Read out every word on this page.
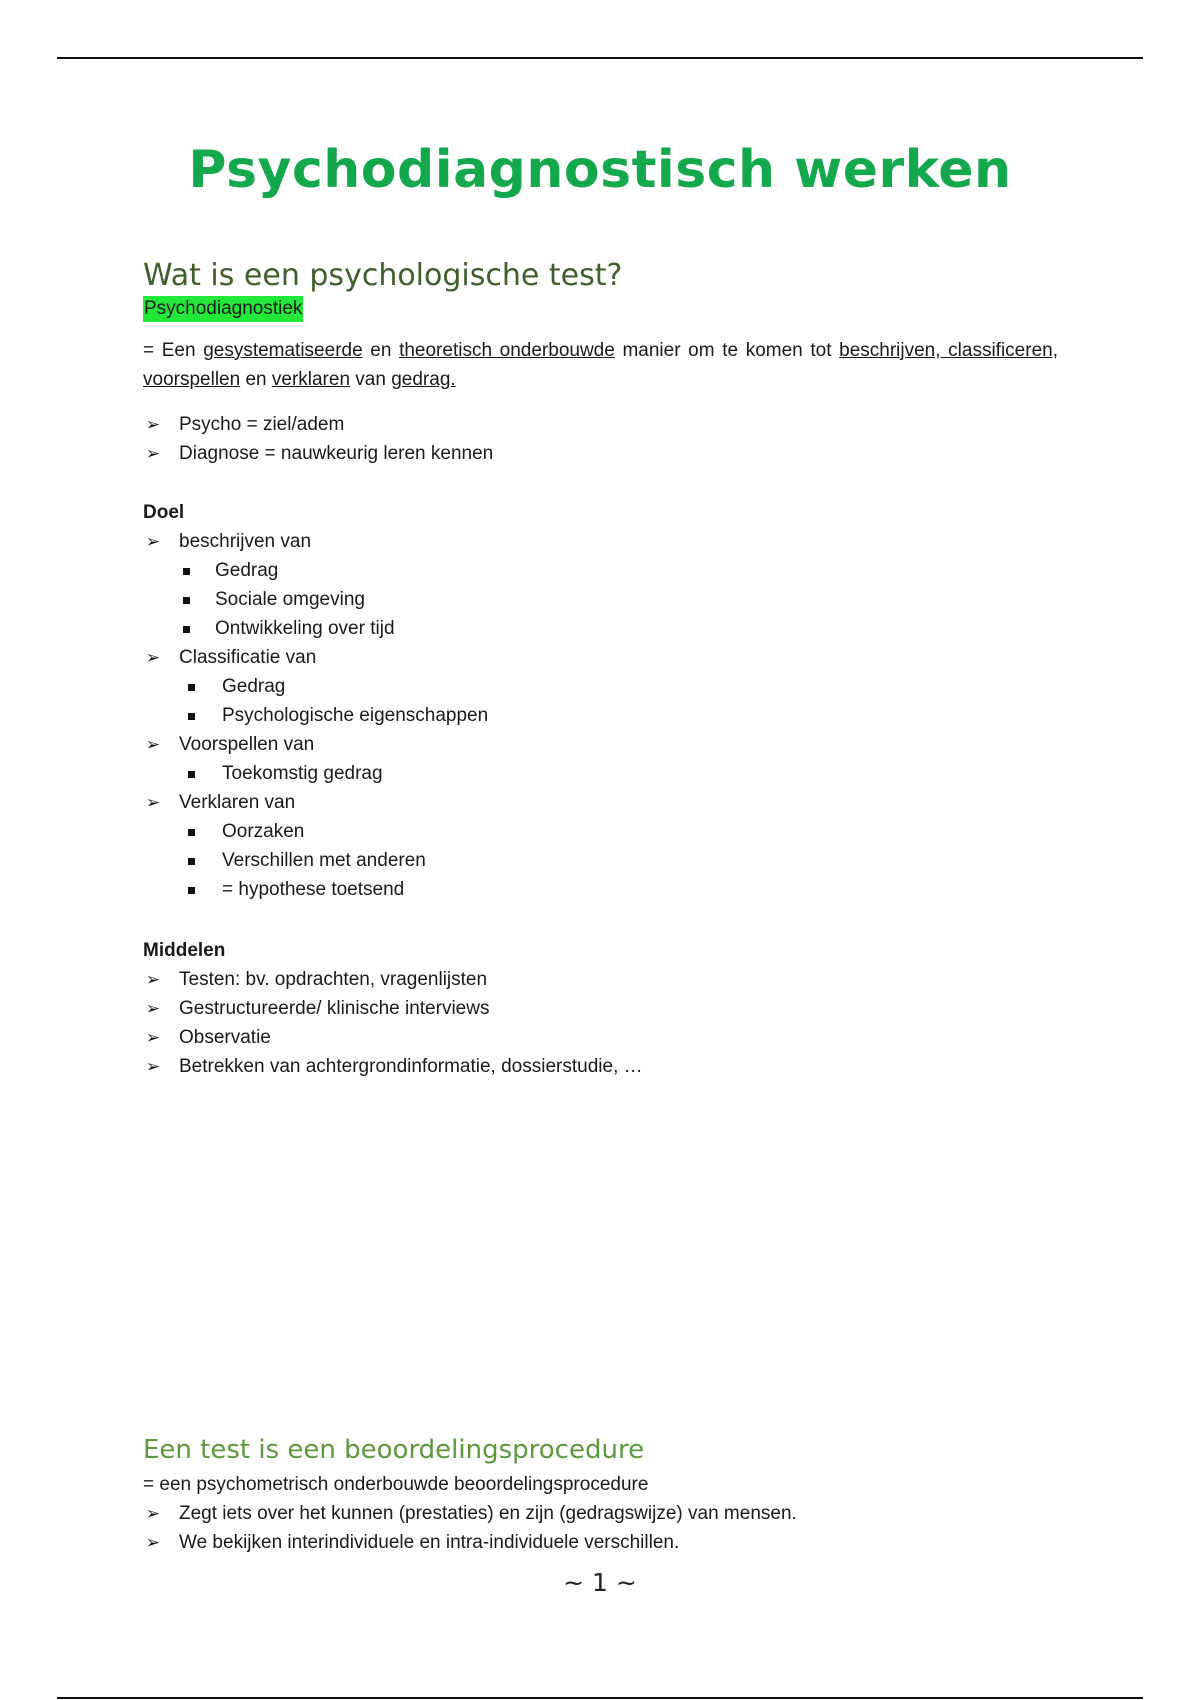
Psychodiagnostisch werken
Wat is een psychologische test?
Psychodiagnostiek

= Een gesystematiseerde en theoretisch onderbouwde manier om te komen tot beschrijven, classificeren, voorspellen en verklaren van gedrag.

➢ Psycho = ziel/adem
➢ Diagnose = nauwkeurig leren kennen

Doel

➢ beschrijven van
Gedrag
Sociale omgeving
Ontwikkeling over tijd
➢ Classificatie van
Gedrag
Psychologische eigenschappen
➢ Voorspellen van
Toekomstig gedrag
➢ Verklaren van
Oorzaken
Verschillen met anderen
= hypothese toetsend

Middelen

➢ Testen: bv. opdrachten, vragenlijsten
➢ Gestructureerde/ klinische interviews
➢ Observatie
➢ Betrekken van achtergrondinformatie, dossierstudie, …
Een test is een beoordelingsprocedure

= een psychometrisch onderbouwde beoordelingsprocedure

➢ Zegt iets over het kunnen (prestaties) en zijn (gedragswijze) van mensen.
➢ We bekijken interindividuele en intra-individuele verschillen.
~ 1 ~
